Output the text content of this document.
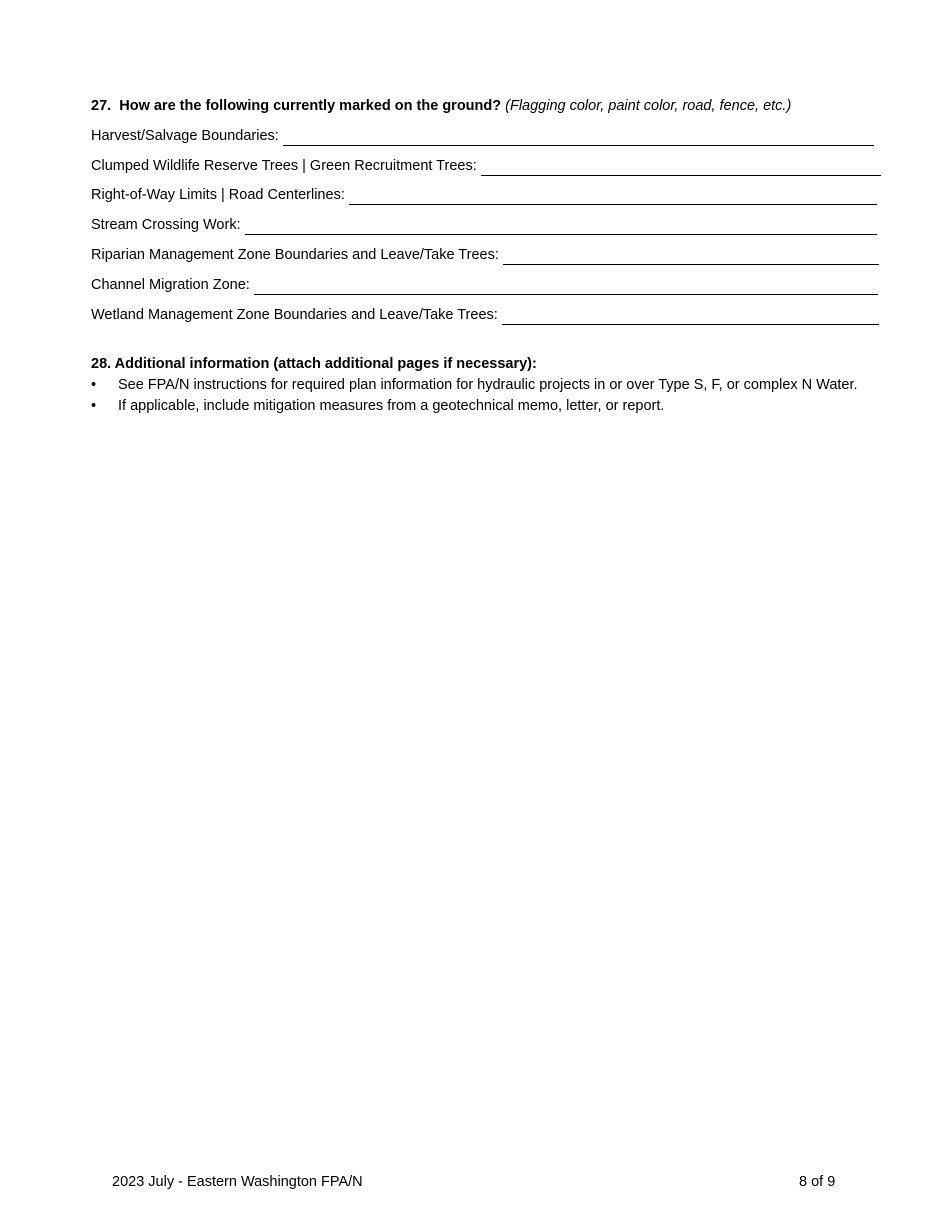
27. How are the following currently marked on the ground? (Flagging color, paint color, road, fence, etc.)
Harvest/Salvage Boundaries:
Clumped Wildlife Reserve Trees | Green Recruitment Trees:
Right-of-Way Limits | Road Centerlines:
Stream Crossing Work:
Riparian Management Zone Boundaries and Leave/Take Trees:
Channel Migration Zone:
Wetland Management Zone Boundaries and Leave/Take Trees:
28. Additional information (attach additional pages if necessary):
•	See FPA/N instructions for required plan information for hydraulic projects in or over Type S, F, or complex N Water.
•	If applicable, include mitigation measures from a geotechnical memo, letter, or report.
2023 July - Eastern Washington FPA/N	8 of 9
